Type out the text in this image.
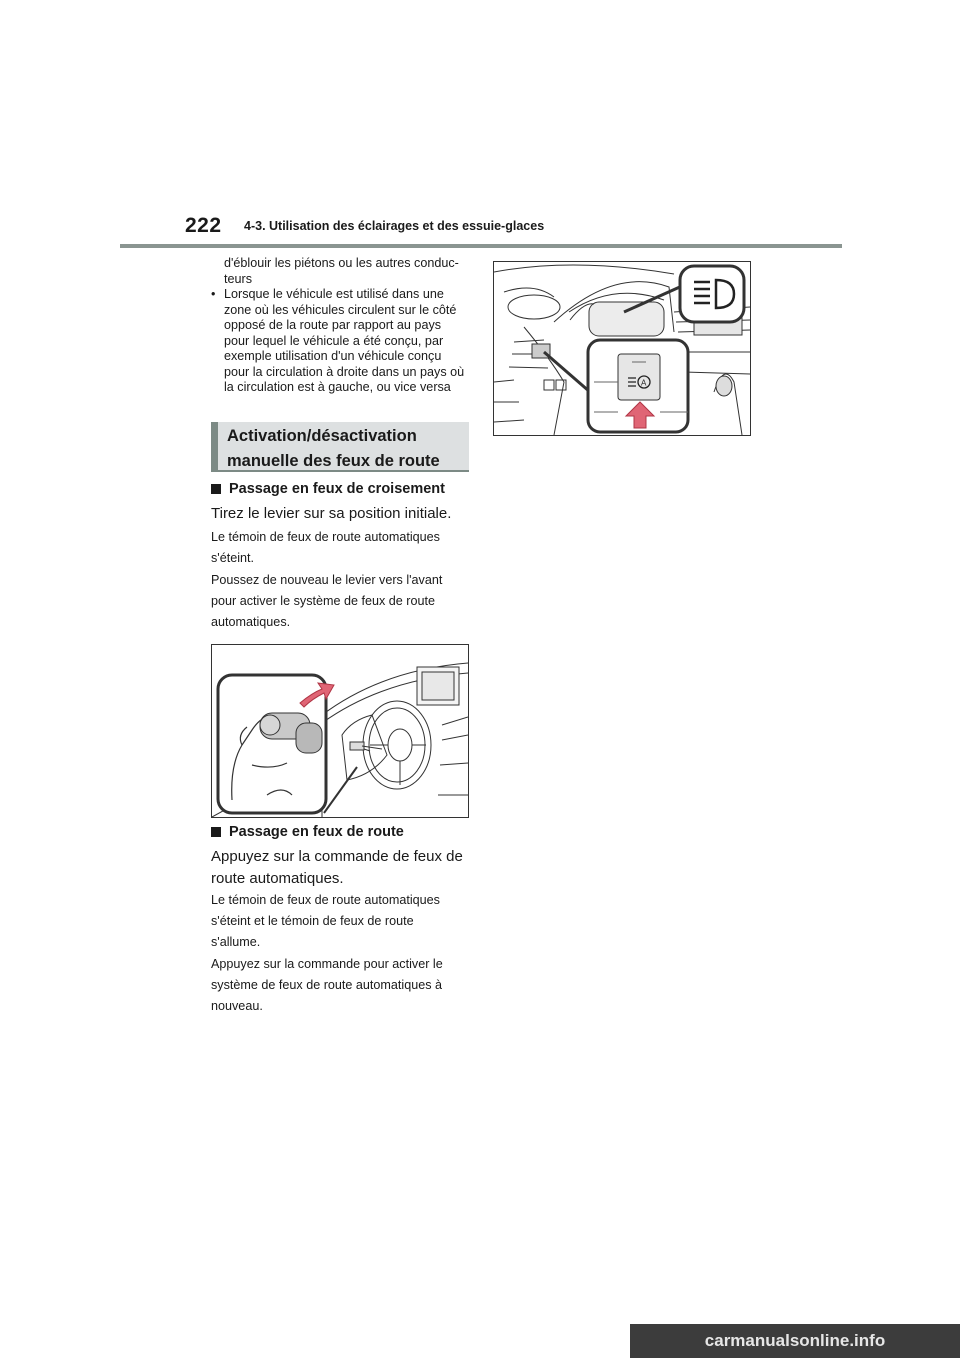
222 4-3. Utilisation des éclairages et des essuie-glaces

d'éblouir les piétons ou les autres conduc-

teurs

• Lorsque le véhicule est utilisé dans une
zone où les véhicules circulent sur le côté
opposé de la route par rapport au pays
pour lequel le véhicule a été conçu, par
exemple utilisation d'un véhicule conçu
pour la circulation à droite dans un pays où
la circulation est à gauche, ou vice versa
Activation/désactivation
manuelle des feux de route
Passage en feux de croisement
Tirez le levier sur sa position initiale.
Le témoin de feux de route automatiques
s'éteint.
Poussez de nouveau le levier vers l'avant
pour activer le système de feux de route
automatiques.
Passage en feux de route
Appuyez sur la commande de feux de
route automatiques.
Le témoin de feux de route automatiques
s'éteint et le témoin de feux de route
s'allume.
Appuyez sur la commande pour activer le
système de feux de route automatiques à
nouveau.
A
carmanualsonline.info
